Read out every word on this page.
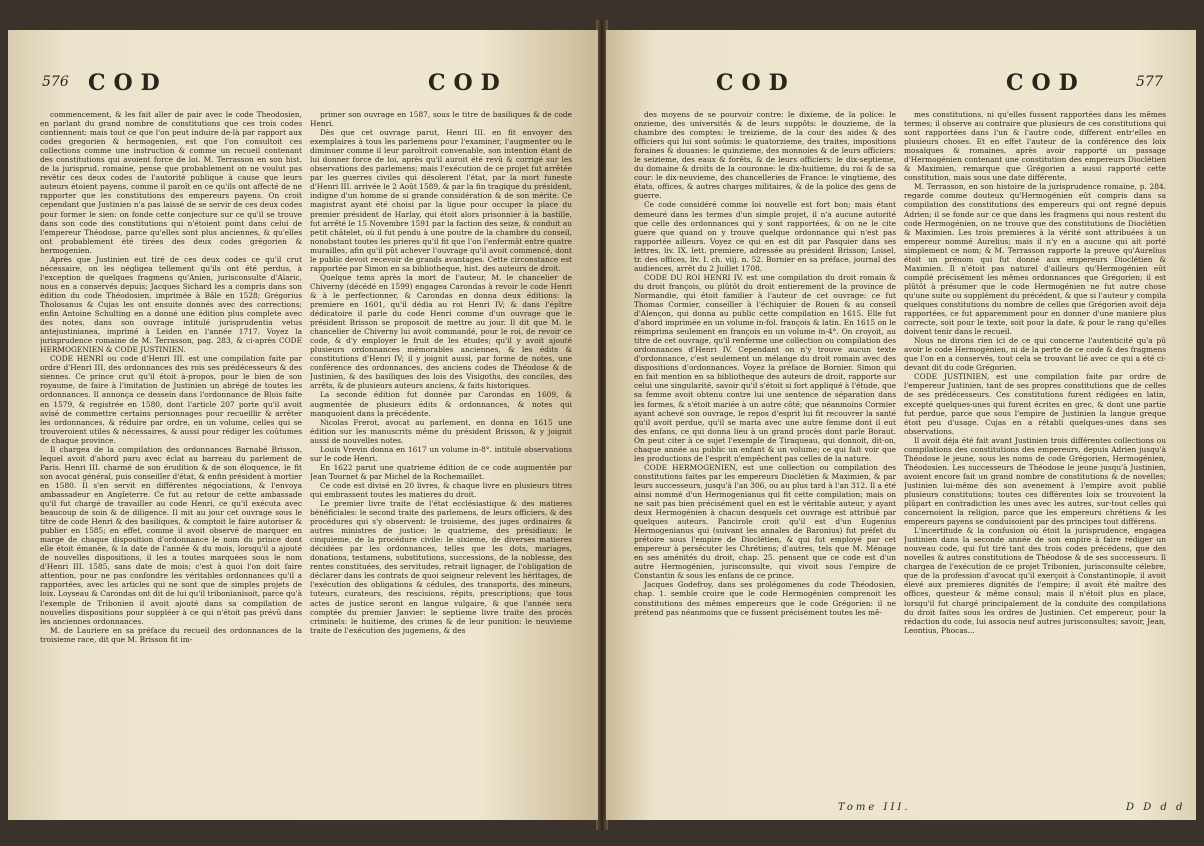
576 COD	COD

commencement, & les fait aller de pair avec le code Theodosien, en parlant du grand nombre de constitutions que ces trois codes contiennent: mais tout ce que l'on peut induire de-là par rapport aux codes gregorien & hermogenien, est que l'on consultoit ces collections comme une instruction & comme un recueil contenant des constitutions qui avoient force de loi. M. Terrasson en son hist. de la jurisprud. romaine, pense que probablement on ne voulut pas revêtir ces deux codes de l'autorité publique à cause que leurs auteurs étoient payens, comme il paroît en ce qu'ils ont affecté de ne rapporter que les constitutions des empereurs payens. On croit cependant que Justinien n'a pas laissé de se servir de ces deux codes pour former le sien: on fonde cette conjecture sur ce qu'il se trouve dans son code des constitutions qui n'étoient point dans celui de l'empereur Théodose, parce qu'elles sont plus anciennes, & qu'elles ont probablement été tirées des deux codes grégorien & hermogenien.

Après que Justinien eut tiré de ces deux codes ce qu'il crut nécessaire, on les négligea tellement qu'ils ont été perdus, à l'exception de quelques fragmens qu'Anien, jurisconsulte d'Alaric, nous en a conservés depuis; Jacques Sichard les a compris dans son édition du code Théodosien, imprimée à Bâle en 1528; Grégorius Tholosanus & Cujas les ont ensuite donnés avec des corrections; enfin Antoine Schulting en a donné une édition plus complete avec des notes, dans son ouvrage intitulé jurisprudentia vetus antejustinianea, imprimé à Leiden en l'année 1717. Voyez la jurisprudence romaine de M. Terrasson, pag. 283, & ci-après CODE HERMOGENIEN & CODE JUSTINIEN.

CODE HENRI ou code d'Henri III. est une compilation faite par ordre d'Henri III, des ordonnances des rois ses prédécesseurs & des siennes. Ce prince crut qu'il étoit à-propos, pour le bien de son royaume, de faire à l'imitation de Justinien un abrégé de toutes les ordonnances. Il annonça ce dessein dans l'ordonnance de Blois faite en 1579, & registrée en 1580, dont l'article 207 porte qu'il avoit avisé de commettre certains personnages pour recueillir & arrêter les ordonnances, & réduire par ordre, en un volume, celles qui se trouveroient utiles & nécessaires, & aussi pour rédiger les coûtumes de chaque province.

Il chargea de la compilation des ordonnances Barnabé Brisson, lequel avoit d'abord paru avec éclat au barreau du parlement de Paris. Henri III. charmé de son érudition & de son éloquence, le fit son avocat général, puis conseiller d'état, & enfin président à mortier en 1580. Il s'en servit en différentes négociations, & l'envoya ambassadeur en Angleterre. Ce fut au retour de cette ambassade qu'il fut chargé de travailler au code Henri, ce qu'il exécuta avec beaucoup de soin & de diligence. Il mit au jour cet ouvrage sous le titre de code Henri & des basiliques, & comptoit le faire autoriser & publier en 1585; en effet, comme il avoit observé de marquer en marge de chaque disposition d'ordonnance le nom du prince dont elle étoit émanée, & la date de l'année & du mois, lorsqu'il a ajouté de nouvelles dispositions, il les a toutes marquées sous le nom d'Henri III. 1585, sans date de mois; c'est à quoi l'on doit faire attention, pour ne pas confondre les véritables ordonnances qu'il a rapportées, avec les articles qui ne sont que de simples projets de loix. Loyseau & Carondas ont dit de lui qu'il tribonianisoit, parce qu'à l'exemple de Tribonien il avoit ajouté dans sa compilation de nouvelles dispositions pour suppléer à ce qui n'étoit pas prévû dans les anciennes ordonnances.

M. de Lauriere en sa préface du recueil des ordonnances de la troisieme race, dit que M. Brisson fit im-

primer son ouvrage en 1587, sous le titre de basiliques & de code Henri.

Dès que cet ouvrage parut, Henri III. en fit envoyer des exemplaires à tous les parlemens pour l'examiner, l'augmenter ou le diminuer comme il leur paroîtroit convenable, son intention étant de lui donner force de loi, après qu'il auroit été revû & corrigé sur les observations des parlemens; mais l'exécution de ce projet fut arrêtée par les guerres civiles qui désolerent l'état, par la mort funeste d'Henri III. arrivée le 2 Août 1589, & par la fin tragique du président, indigne d'un homme de si grande considération & de son mérite. Ce magistrat ayant été choisi par la ligue pour occuper la place du premier président de Harlay, qui étoit alors prisonnier à la bastille, fut arrêté le 15 Novembre 1591 par la faction des seize, & conduit au petit châtelet, où il fut pendu à une poutre de la chambre du conseil, nonobstant toutes les prieres qu'il fit que l'on l'enfermât entre quatre murailles, afin qu'il pût achever l'ouvrage qu'il avoit commencé, dont le public devoit recevoir de grands avantages. Cette circonstance est rapportée par Simon en sa bibliotheque, hist. des auteurs de droit.

Quelque tems après la mort de l'auteur, M. le chancelier de Chiverny (décédé en 1599) engagea Carondas à revoir le code Henri & à le perfectionner, & Carondas en donna deux éditions: la premiere en 1601, qu'il dédia au roi Henri IV; & dans l'épître dédicatoire il parle du code Henri comme d'un ouvrage que le président Brisson se proposoit de mettre au jour. Il dit que M. le chancelier de Chiverny lui avoit commandé, pour le roi, de revoir ce code, & d'y employer le fruit de les études; qu'il y avoit ajouté plusieurs ordonnances mémorables anciennes, & les édits & constitutions d'Henri IV; il y joignit aussi, par forme de notes, une conférence des ordonnances, des anciens codes de Théodose & de Justinien, & des basiliques des lois des Visigoths, des conciles, des arrêts, & de plusieurs auteurs anciens, & faits historiques.

La seconde édition fut donnée par Carondas en 1609, & augmentée de plusieurs édits & ordonnances, & notes qui manquoient dans la précédente.

Nicolas Frerot, avocat au parlement, en donna en 1615 une édition sur les manuscrits même du président Brisson, & y joignit aussi de nouvelles notes.

Louis Vrevin donna en 1617 un volume in-8°. intitulé observations sur le code Henri.

En 1622 parut une quatrieme édition de ce code augmentée par Jean Tournet & par Michel de la Rochemaillet.

Ce code est divisé en 20 livres, & chaque livre en plusieurs titres qui embrassent toutes les matieres du droit.

Le premier livre traite de l'état ecclésiastique & des matieres bénéficiales: le second traite des parlemens, de leurs officiers, & des procédures qui s'y observent: le troisieme, des juges ordinaires & autres ministres de justice: le quatrieme, des présidiaux: le cinquieme, de la procédure civile: le sixieme, de diverses matieres décidées par les ordonnances, telles que les dots, mariages, donations, testamens, substitutions, successions, de la noblesse, des rentes constituées, des servitudes, retrait lignager, de l'obligation de déclarer dans les contrats de quoi seigneur relevent les héritages, de l'exécution des obligations & cédules, des transports, des mineurs, tuteurs, curateurs, des rescisions, répits, prescriptions; que tous actes de justice seront en langue vulgaire, & que l'année sera comptée du premier Janvier: le septieme livre traite des procès criminels: le huitieme, des crimes & de leur punition: le neuvieme traite de l'exécution des jugemens, & des

COD	COD	577

des moyens de se pourvoir contre: le dixieme, de la police: le onzieme, des universités & de leurs suppôts: le douzieme, de la chambre des comptes: le treizieme, de la cour des aides & des officiers qui lui sont soûmis: le quatorzieme, des traites, impositions foraines & douanes: le quinzieme, des monnoies & de leurs officiers: le seizieme, des eaux & forêts, & de leurs officiers: le dix-septieme, du domaine & droits de la couronne: le dix-huitieme, du roi & de sa cour: le dix-neuvieme, des chancelleries de France: le vingtieme, des états, offices, & autres charges militaires, & de la police des gens de guerre.

Ce code considéré comme loi nouvelle est fort bon; mais étant demeuré dans les termes d'un simple projet, il n'a aucune autorité que celle des ordonnances qui y sont rapportées, & on ne le cite guere que quand on y trouve quelque ordonnance qui n'est pas rapportée ailleurs. Voyez ce qui en est dit par Pasquier dans ses lettres, liv. IX. lett. premiere, adressée au président Brisson; Loisel, tr. des offices, liv. I. ch. viij. n. 52. Bornier en sa préface, journal des audiences, arrêt du 2 Juillet 1708.

CODE DU ROI HENRI IV. est une compilation du droit romain & du droit françois, ou plûtôt du droit entierement de la province de Normandie, qui étoit familier à l'auteur de cet ouvrage: ce fut Thomas Cormier, conseiller à l'échiquier de Rouen & au conseil d'Alençon, qui donna au public cette compilation en 1615. Elle fut d'abord imprimée en un volume in-fol. françois & latin. En 1615 on le réimprima seulement en françois en un volume in-4°. On croyoit, au titre de cet ouvrage, qu'il renferme une collection ou compilation des ordonnances d'Henri IV. Cependant on n'y trouve aucun texte d'ordonnance, c'est seulement un mélange du droit romain avec des dispositions d'ordonnances. Voyez la préface de Bornier. Simon qui en fait mention en sa bibliotheque des auteurs de droit, rapporte sur celui une singularité, savoir qu'il s'étoit si fort appliqué à l'étude, que sa femme avoit obtenu contre lui une sentence de séparation dans les formes, & s'étoit mariée à un autre côté; que néanmoins Cormier ayant achevé son ouvrage, le repos d'esprit lui fit recouvrer la santé qu'il avoit perdue, qu'il se maria avec une autre femme dont il eut des enfans, ce qui donna lieu à un grand procès dont parle Boraut. On peut citer à ce sujet l'exemple de Tiraqueau, qui donnoit, dit-on, chaque année au public un enfant & un volume; ce qui fait voir que les productions de l'esprit n'empêchent pas celles de la nature.

CODE HERMOGENIEN, est une collection ou compilation des constitutions faites par les empereurs Dioclétien & Maximien, & par leurs successeurs, jusqu'à l'an 306, ou au plus tard à l'an 312. Il a été ainsi nommé d'un Hermogenianus qui fit cette compilation; mais on ne sait pas bien précisément quel en est le véritable auteur, y ayant deux Hermogénien à chacun desquels cet ouvrage est attribué par quelques auteurs. Pancirole croit qu'il est d'un Eugenius Hermogenianus qui (suivant les annales de Baronius) fut préfet du prétoire sous l'empire de Dioclétien, & qui fut employé par cet empereur à persécuter les Chrétiens; d'autres, tels que M. Ménage en ses aménités du droit, chap. 25. pensent que ce code est d'un autre Hermogénien, jurisconsulte, qui vivoit sous l'empire de Constantin & sous les enfans de ce prince.

Jacques Godefroy, dans ses prolégomenes du code Théodosien, chap. 1. semble croire que le code Hermogénien comprenoit les constitutions des mêmes empereurs que le code Grégorien: il ne prétend pas néanmoins que ce fussent précisément toutes les mê-

mes constitutions, ni qu'elles fussent rapportées dans les mêmes termes; il observe au contraire que plusieurs de ces constitutions qui sont rapportées dans l'un & l'autre code, different entr'elles en plusieurs choses. Et en effet l'auteur de la conférence des loix mosaïques & romaines, après avoir rapporté un passage d'Hermogénien contenant une constitution des empereurs Dioclétien & Maximien, remarque que Grégorien a aussi rapporté cette constitution, mais sous une date différente.

M. Terrasson, en son histoire de la jurisprudence romaine, p. 284. regarde comme douteux qu'Hermogénien eût compris dans sa compilation des constitutions des empereurs qui ont regné depuis Adrien; il se fonde sur ce que dans les fragmens qui nous restent du code Hermogénien, on ne trouve que des constitutions de Dioclétien & Maximien. Les trois premieres à la vérité sont attribuées à un empereur nommé Aurelius; mais il n'y en a aucune qui ait porté simplement ce nom; & M. Terrasson rapporte la preuve qu'Aurelius étoit un prénom qui fut donné aux empereurs Dioclétien & Maximien. Il n'étoit pas naturel d'ailleurs qu'Hermogénien eût compilé précisément les mêmes ordonnances que Grégorien; il est plûtôt à présumer que le code Hermogénien ne fut autre chose qu'une suite ou supplément du précédent, & que si l'auteur y compila quelques constitutions du nombre de celles que Grégorien avoit déja rapportées, ce fut apparemment pour en donner d'une maniere plus correcte, soit pour le texte, soit pour la date, & pour le rang qu'elles doivent tenir dans le recueil.

Nous ne dirons rien ici de ce qui concerne l'autenticité qu'a pû avoir le code Hermogénien, ni de la perte de ce code & des fragmens que l'on en a conservés, tout cela se trouvant lié avec ce qui a été ci-devant dit du code Grégorien.

CODE JUSTINIEN, est une compilation faite par ordre de l'empereur Justinien, tant de ses propres constitutions que de celles de ses prédécesseurs. Ces constitutions furent rédigées en latin, excepté quelques-unes qui furent écrites en grec, & dont une partie fut perdue, parce que sous l'empire de Justinien la langue greque étoit peu d'usage. Cujas en a rétabli quelques-unes dans ses observations.

Il avoit déja été fait avant Justinien trois différentes collections ou compilations des constitutions des empereurs, depuis Adrien jusqu'à Théodose le jeune, sous les noms de code Grégorien, Hermogénien, Théodosien. Les successeurs de Théodose le jeune jusqu'à Justinien, avoient encore fait un grand nombre de constitutions & de novelles; Justinien lui-même dès son avenement à l'empire avoit publié plusieurs constitutions; toutes ces différentes loix se trouvoient la plûpart en contradiction les unes avec les autres, sur-tout celles qui concernoient la religion, parce que les empereurs chrétiens & les empereurs payens se conduisoient par des principes tout différens.

L'incertitude & la confusion où étoit la jurisprudence, engagea Justinien dans la seconde année de son empire à faire rédiger un nouveau code, qui fut tiré tant des trois codes précédens, que des novelles & autres constitutions de Théodose & de ses successeurs. Il chargea de l'exécution de ce projet Tribonien, jurisconsulte célebre, que de la profession d'avocat qu'il exerçoit à Constantinople, il avoit élevé aux premieres dignités de l'empire; il avoit été maître des offices, questeur & même consul; mais il n'étoit plus en place, lorsqu'il fut chargé principalement de la conduite des compilations du droit faites sous les ordres de Justinien. Cet empereur, pour la rédaction du code, lui associa neuf autres jurisconsultes; savoir, Jean, Leontius, Phocas...

Tome III.	D D d d
